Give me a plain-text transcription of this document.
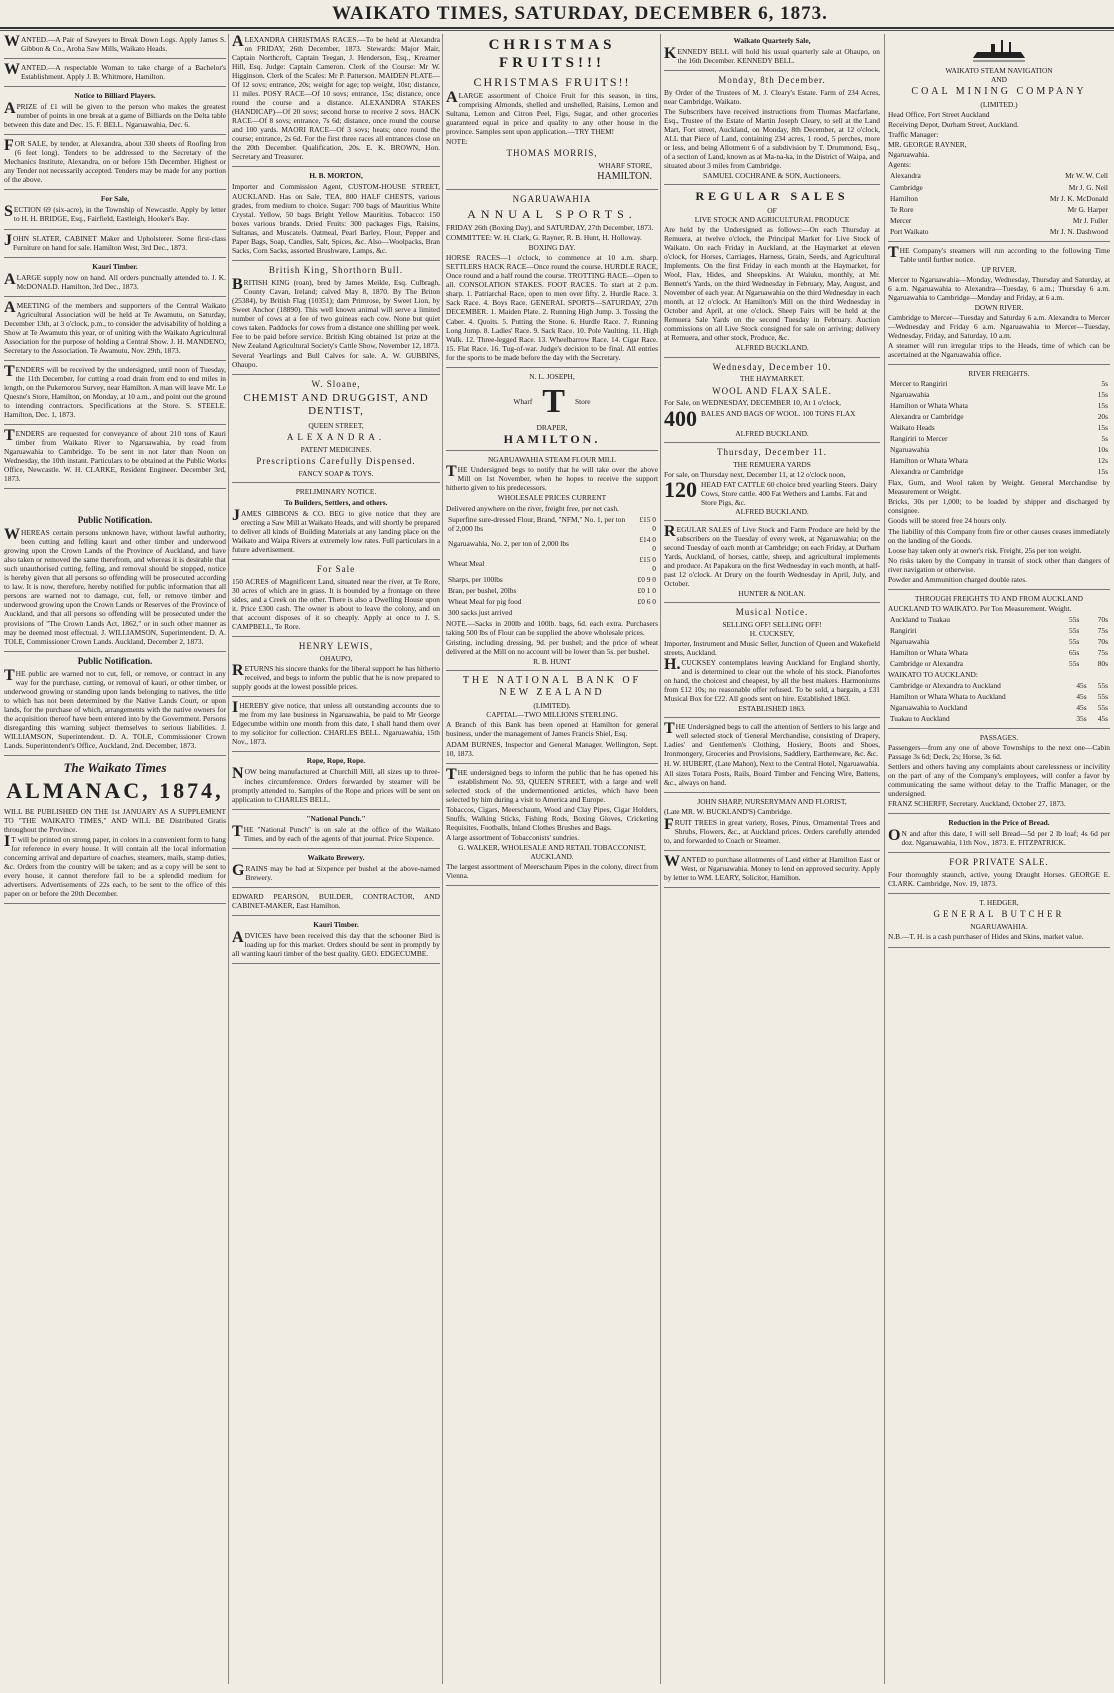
WAIKATO TIMES, SATURDAY, DECEMBER 6, 1873.

WANTED.—A Pair of Sawyers to Break Down Logs. Apply James S. Gibbon & Co., Aroha Saw Mills, Waikato Heads.

WANTED.—A respectable Woman to take charge of a Bachelor's Establishment. Apply J. B. Whitmore, Hamilton.

Notice to Billiard Players.

APRIZE of £1 will be given to the person who makes the greatest number of points in one break at a game of Billiards on the Delta table between this date and Dec. 15. F. BELL. Ngaruawahia, Dec. 6.

FOR SALE, by tender, at Alexandra, about 330 sheets of Roofing Iron (6 feet long). Tenders to be addressed to the Secretary of the Mechanics Institute, Alexandra, on or before 15th December. Highest or any Tender not necessarily accepted. Tenders may be made for any portion of the above.

For Sale,

SECTION 69 (six-acre), in the Township of Newcastle. Apply by letter to H. H. BRIDGE, Esq., Fairfield, Eastleigh, Hooker's Bay.

JOHN SLATER, CABINET Maker and Upholsterer. Some first-class Furniture on hand for sale. Hamilton West, 3rd Dec., 1873.

Kauri Timber.

ALARGE supply now on hand. All orders punctually attended to. J. K. McDONALD. Hamilton, 3rd Dec., 1873.

AMEETING of the members and supporters of the Central Waikato Agricultural Association will be held at Te Awamutu, on Saturday, December 13th, at 3 o'clock, p.m., to consider the advisability of holding a Show at Te Awamutu this year, or of uniting with the Waikato Agricultural Association for the purpose of holding a Central Show. J. H. MANDENO, Secretary to the Association. Te Awamutu, Nov. 29th, 1873.

TENDERS will be received by the undersigned, until noon of Tuesday, the 11th December, for cutting a road drain from end to end miles in length, on the Pukemorou Survey, near Hamilton. A man will leave Mr. Le Quesne's Store, Hamilton, on Monday, at 10 a.m., and point out the ground to intending contractors. Specifications at the Store. S. STEELE. Hamilton, Dec. 1, 1873.

TENDERS are requested for conveyance of about 210 tons of Kauri timber from Waikato River to Ngaruawahia, by road from Ngaruawahia to Cambridge. To be sent in not later than Noon on Wednesday, the 10th instant. Particulars to be obtained at the Public Works Office, Newcastle. W. H. CLARKE, Resident Engineer. December 3rd, 1873.

Public Notification.

WHEREAS certain persons unknown have, without lawful authority, been cutting and felling kauri and other timber and underwood growing upon the Crown Lands of the Province of Auckland, and have also taken or removed the same therefrom, and whereas it is desirable that such unauthorised cutting, felling, and removal should be stopped, notice is hereby given that all persons so offending will be prosecuted according to law. It is now, therefore, hereby notified for public information that all persons are warned not to damage, cut, fell, or remove timber and underwood growing upon the Crown Lands or Reserves of the Province of Auckland, and that all persons so offending will be prosecuted under the provisions of "The Crown Lands Act, 1862," or in such other manner as may be deemed most effectual. J. WILLIAMSON, Superintendent. D. A. TOLE, Commissioner Crown Lands. Auckland, December 2, 1873.

Public Notification.

THE public are warned not to cut, fell, or remove, or contract in any way for the purchase, cutting, or removal of kauri, or other timber, or underwood growing or standing upon lands belonging to natives, the title to which has not been determined by the Native Lands Court, or upon lands, for the purchase of which, arrangements with the native owners for the acquisition thereof have been entered into by the Government. Persons disregarding this warning subject themselves to serious liabilities. J. WILLIAMSON, Superintendent. D. A. TOLE, Commissioner Crown Lands. Superintendent's Office, Auckland, 2nd. December, 1873.

The Waikato Times
ALMANAC, 1874,

WILL BE PUBLISHED ON THE 1st JANUARY AS A SUPPLEMENT TO "THE WAIKATO TIMES," AND WILL BE Distributed Gratis throughout the Province.

IT will be printed on strong paper, in colors in a convenient form to hang for reference in every house. It will contain all the local information concerning arrival and departure of coaches, steamers, mails, stamp duties, &c. Orders from the country will be taken; and as a copy will be sent to every house, it cannot therefore fail to be a splendid medium for advertisers. Advertisements of 22s each, to be sent to the office of this paper on or before the 20th December.

ALEXANDRA CHRISTMAS RACES.—To be held at Alexandra on FRIDAY, 26th December, 1873. Stewards: Major Mair, Captain Northcroft, Captain Teegan, J. Henderson, Esq., Kreamer Hill, Esq. Judge: Captain Cameron. Clerk of the Course: Mr W. Higginson. Clerk of the Scales: Mr P. Patterson. MAIDEN PLATE—Of 12 sovs; entrance, 20s; weight for age; top weight, 10st; distance, 11 miles. POSY RACE—Of 10 sovs; entrance, 15s; distance, once round the course and a distance. ALEXANDRA STAKES (HANDICAP)—Of 20 sovs; second horse to receive 2 sovs. HACK RACE—Of 8 sovs; entrance, 7s 6d; distance, once round the course and 100 yards. MAORI RACE—Of 3 sovs; heats; once round the course; entrance, 2s 6d. For the first three races all entrances close on the 20th December. Qualification, 20s. E. K. BROWN, Hon. Secretary and Treasurer.

H. B. MORTON,

Importer and Commission Agent, CUSTOM-HOUSE STREET, AUCKLAND. Has on Sale, TEA, 800 HALF CHESTS, various grades, from medium to choice. Sugar: 700 bags of Mauritius White Crystal. Yellow, 50 bags Bright Yellow Mauritius. Tobacco: 150 boxes various brands. Dried Fruits: 300 packages Figs, Raisins, Sultanas, and Muscatels. Oatmeal, Pearl Barley, Flour, Pepper and Paper Bags, Soap, Candles, Salt, Spices, &c. Also—Woolpacks, Bran Sacks, Corn Sacks, assorted Brushware, Lamps, &c.

British King, Shorthorn Bull.

BRITISH KING (roan), bred by James Meikle, Esq. Culbragh, County Cavan, Ireland; calved May 8, 1870. By The Briton (25384), by British Flag (10351); dam Primrose, by Sweet Lion, by Sweet Anchor (18890). This well known animal will serve a limited number of cows at a fee of two guineas each cow. None but quiet cows taken. Paddocks for cows from a distance one shilling per week. Fee to be paid before service. British King obtained 1st prize at the New Zealand Agricultural Society's Cattle Show, November 12, 1873.

Several Yearlings and Bull Calves for sale. A. W. GUBBINS, Ohaupo.

W. Sloane,
CHEMIST AND DRUGGIST, AND DENTIST,
QUEEN STREET,
ALEXANDRA.
PATENT MEDICINES.
Prescriptions Carefully Dispensed.
FANCY SOAP & TOYS.
PRELIMINARY NOTICE.
To Builders, Settlers, and others.

JAMES GIBBONS & CO. BEG to give notice that they are erecting a Saw Mill at Waikato Heads, and will shortly be prepared to deliver all kinds of Building Materials at any landing place on the Waikato and Waipa Rivers at extremely low rates. Full particulars in a future advertisement.

For Sale

150 ACRES of Magnificent Land, situated near the river, at Te Rore, 30 acres of which are in grass. It is bounded by a frontage on three sides, and a Creek on the other. There is also a Dwelling House upon it. Price £300 cash. The owner is about to leave the colony, and on that account disposes of it so cheaply. Apply at once to J. S. CAMPBELL, Te Rore.

HENRY LEWIS,
OHAUPO,

RETURNS his sincere thanks for the liberal support he has hitherto received, and begs to inform the public that he is now prepared to supply goods at the lowest possible prices.

IHEREBY give notice, that unless all outstanding accounts due to me from my late business in Ngaruawahia, be paid to Mr George Edgecumbe within one month from this date, I shall hand them over to my solicitor for collection. CHARLES BELL. Ngaruawahia, 15th Nov., 1873.

Rope, Rope, Rope.

NOW being manufactured at Churchill Mill, all sizes up to three-inches circumference. Orders forwarded by steamer will be promptly attended to. Samples of the Rope and prices will be sent on application to CHARLES BELL.

"National Punch."

THE "National Punch" is on sale at the office of the Waikato Times, and by each of the agents of that journal. Price Sixpence.

Waikato Brewery.

GRAINS may be had at Sixpence per bushel at the above-named Brewery.

EDWARD PEARSON, BUILDER, CONTRACTOR, AND CABINET-MAKER, East Hamilton.

Kauri Timber.

ADVICES have been received this day that the schooner Bird is loading up for this market. Orders should be sent in promptly by all wanting kauri timber of the best quality. GEO. EDGECUMBE.

CHRISTMAS FRUITS!!!
CHRISTMAS FRUITS!!

ALARGE assortment of Choice Fruit for this season, in tins, comprising Almonds, shelled and unshelled, Raisins, Lemon and Sultana, Lemon and Citron Peel, Figs, Sugar, and other groceries guaranteed equal in price and quality to any other house in the province. Samples sent upon application.—TRY THEM!

NOTE:

THOMAS MORRIS,
WHARF STORE,
HAMILTON.
NGARUAWAHIA
ANNUAL SPORTS.

FRIDAY 26th (Boxing Day), and SATURDAY, 27th December, 1873.

COMMITTEE: W. H. Clark, G. Rayner, R. B. Hunt, H. Holloway.

BOXING DAY.

HORSE RACES—1 o'clock, to commence at 10 a.m. sharp. SETTLERS HACK RACE—Once round the course. HURDLE RACE, Once round and a half round the course. TROTTING RACE—Open to all. CONSOLATION STAKES. FOOT RACES. To start at 2 p.m. sharp. 1. Patriarchal Race, open to men over fifty. 2. Hurdle Race. 3. Sack Race. 4. Boys Race. GENERAL SPORTS—SATURDAY, 27th DECEMBER. 1. Maiden Plate. 2. Running High Jump. 3. Tossing the Caber. 4. Quoits. 5. Putting the Stone. 6. Hurdle Race. 7. Running Long Jump. 8. Ladies' Race. 9. Sack Race. 10. Pole Vaulting. 11. High Walk. 12. Three-legged Race. 13. Wheelbarrow Race. 14. Cigar Race. 15. Flat Race. 16. Tug-of-war. Judge's decision to be final. All entries for the sports to be made before the day with the Secretary.

N. L. JOSEPH,
Wharf T Store
DRAPER,
HAMILTON.
NGARUAWAHIA STEAM FLOUR MILL

THE Undersigned begs to notify that he will take over the above Mill on 1st November, when he hopes to receive the support hitherto given to his predecessors.

WHOLESALE PRICES CURRENT

Delivered anywhere on the river, freight free, per net cash.

Superfine sure-dressed Flour, Brand, "NFM," No. 1, per ton of 2,000 lbs	£15 0 0
Ngaruawahia, No. 2, per ton of 2,000 lbs	£14 0 0
Wheat Meal	£15 0 0
Sharps, per 100lbs	£0 9 0
Bran, per bushel, 20lbs	£0 1 0
Wheat Meal for pig food	£0 6 0
300 sacks just arrived	

NOTE.—Sacks in 200lb and 100lb. bags, 6d. each extra. Purchasers taking 500 lbs of Flour can be supplied the above wholesale prices.

Gristing, including dressing, 9d. per bushel; and the price of wheat delivered at the Mill on no account will be lower than 5s. per bushel.

R. B. HUNT
THE NATIONAL BANK OF NEW ZEALAND
(LIMITED).
CAPITAL—TWO MILLIONS STERLING.

A Branch of this Bank has been opened at Hamilton for general business, under the management of James Francis Shiel, Esq.

ADAM BURNES, Inspector and General Manager. Wellington, Sept. 10, 1873.

THE undersigned begs to inform the public that he has opened his establishment No. 93, QUEEN STREET, with a large and well selected stock of the undermentioned articles, which have been selected by him during a visit to America and Europe.

Tobaccos, Cigars, Meerschaum, Wood and Clay Pipes, Cigar Holders, Snuffs, Walking Sticks, Fishing Rods, Boxing Gloves, Cricketing Requisites, Footballs, Inland Clothes Brushes and Bags.

A large assortment of Tobacconists' sundries.

G. WALKER, WHOLESALE AND RETAIL TOBACCONIST, AUCKLAND.

The largest assortment of Meerschaum Pipes in the colony, direct from Vienna.

Waikato Quarterly Sale,

KENNEDY BELL will hold his usual quarterly sale at Ohaupo, on the 16th December. KENNEDY BELL.

Monday, 8th December.

By Order of the Trustees of M. J. Cleary's Estate. Farm of 234 Acres, near Cambridge, Waikato.

The Subscribers have received instructions from Thomas Macfarlane, Esq., Trustee of the Estate of Martin Joseph Cleary, to sell at the Land Mart, Fort street, Auckland, on Monday, 8th December, at 12 o'clock, ALL that Piece of Land, containing 234 acres, 1 rood, 5 perches, more or less, and being Allotment 6 of a subdivision by T. Drummond, Esq., of a section of Land, known as at Ma-na-ka, in the District of Waipa, and situated about 3 miles from Cambridge.

SAMUEL COCHRANE & SON, Auctioneers.
REGULAR SALES
OF
LIVE STOCK AND AGRICULTURAL PRODUCE

Are held by the Undersigned as follows:—On each Thursday at Remuera, at twelve o'clock, the Principal Market for Live Stock of Waikato. On each Friday in Auckland, at the Haymarket at eleven o'clock, for Horses, Carriages, Harness, Grain, Seeds, and Agricultural Implements. On the first Friday in each month at the Haymarket, for Wool, Flax, Hides, and Sheepskins. At Waiuku, monthly, at Mr. Bennett's Yards, on the third Wednesday in February, May, August, and November of each year. At Ngaruawahia on the third Wednesday in each month, at 12 o'clock. At Hamilton's Mill on the third Wednesday in October and April, at one o'clock. Sheep Fairs will be held at the Remuera Sale Yards on the second Tuesday in February. Auction commissions on all Live Stock consigned for sale on arriving; delivery at Remuera, and other stock, Produce, &c.

ALFRED BUCKLAND.
Wednesday, December 10.
THE HAYMARKET.
WOOL AND FLAX SALE.

For Sale, on WEDNESDAY, DECEMBER 10, At 1 o'clock,

400 BALES AND BAGS OF WOOL. 100 TONS FLAX
ALFRED BUCKLAND.
Thursday, December 11.
THE REMUERA YARDS

For sale, on Thursday next, December 11, at 12 o'clock noon,

120 HEAD FAT CATTLE 60 choice bred yearling Steers. Dairy Cows, Store cattle. 400 Fat Wethers and Lambs. Fat and Store Pigs, &c.
ALFRED BUCKLAND.

REGULAR SALES of Live Stock and Farm Produce are held by the subscribers on the Tuesday of every week, at Ngaruawahia; on the second Tuesday of each month at Cambridge; on each Friday, at Durham Yards, Auckland, of horses, cattle, sheep, and agricultural implements and produce. At Papakura on the first Wednesday in each month, at half-past 12 o'clock. At Drury on the fourth Wednesday in April, July, and October.

HUNTER & NOLAN.
Musical Notice.
SELLING OFF! SELLING OFF!
H. CUCKSEY,

Importer, Instrument and Music Seller, Junction of Queen and Wakefield streets, Auckland.

H.CUCKSEY contemplates leaving Auckland for England shortly, and is determined to clear out the whole of his stock. Pianofortes on hand, the choicest and cheapest, by all the best makers. Harmoniums from £12 10s; no reasonable offer refused. To be sold, a bargain, a £31 Musical Box for £22. All goods sent on hire. Established 1863.

ESTABLISHED 1863.

THE Undersigned begs to call the attention of Settlers to his large and well selected stock of General Merchandise, consisting of Drapery, Ladies' and Gentlemen's Clothing, Hosiery, Boots and Shoes, Ironmongery, Groceries and Provisions, Saddlery, Earthenware, &c. &c.

H. W. HUBERT, (Late Mahon), Next to the Central Hotel, Ngaruawahia.

All sizes Totara Posts, Rails, Board Timber and Fencing Wire, Battens, &c., always on hand.

JOHN SHARP, NURSERYMAN AND FLORIST,

(Late MR. W. BUCKLAND'S) Cambridge.

FRUIT TREES in great variety, Roses, Pinus, Ornamental Trees and Shrubs, Flowers, &c., at Auckland prices. Orders carefully attended to, and forwarded to Coach or Steamer.

WANTED to purchase allotments of Land either at Hamilton East or West, or Ngaruawahia. Money to lend on approved security. Apply by letter to WM. LEARY, Solicitor, Hamilton.

WAIKATO STEAM NAVIGATION
AND
COAL MINING COMPANY
(LIMITED.)

Head Office, Fort Street Auckland

Receiving Depot, Durham Street, Auckland.

Traffic Manager:

MR. GEORGE RAYNER,

Ngaruawahia.

Agents:

Alexandra	Mr W. W. Cell
Cambridge	Mr J. G. Neil
Hamilton	Mr J. K. McDonald
Te Rore	Mr G. Harper
Mercer	Mr J. Fuller
Port Waikato	Mr J. N. Dashwood

THE Company's steamers will run according to the following Time Table until further notice.

UP RIVER.

Mercer to Ngaruawahia—Monday, Wednesday, Thursday and Saturday, at 6 a.m. Ngaruawahia to Alexandra—Tuesday, 6 a.m.; Thursday 6 a.m. Ngaruawahia to Cambridge—Monday and Friday, at 6 a.m.

DOWN RIVER.

Cambridge to Mercer—Tuesday and Saturday 6 a.m. Alexandra to Mercer—Wednesday and Friday 6 a.m. Ngaruawahia to Mercer—Tuesday, Wednesday, Friday, and Saturday, 10 a.m.

A steamer will run irregular trips to the Heads, time of which can be ascertained at the Ngaruawahia office.

RIVER FREIGHTS.
Mercer to Rangiriri	5s
Ngaruawahia	15s
Hamilton or Whata Whata	15s
Alexandra or Cambridge	20s
Waikato Heads	15s
Rangiriri to Mercer	5s
Ngaruawahia	10s
Hamilton or Whata Whata	12s
Alexandra or Cambridge	15s

Flax, Gum, and Wool taken by Weight. General Merchandise by Measurement or Weight.

Bricks, 30s per 1,000; to be loaded by shipper and discharged by consignee.

Goods will be stored free 24 hours only.

The liability of this Company from fire or other causes ceases immediately on the landing of the Goods.

Loose hay taken only at owner's risk. Freight, 25s per ton weight.

No risks taken by the Company in transit of stock other than dangers of river navigation or otherwise.

Powder and Ammunition charged double rates.

THROUGH FREIGHTS TO AND FROM AUCKLAND

AUCKLAND TO WAIKATO. Per Ton Measurement. Weight.

Auckland to Tuakau	55s	70s
Rangiriri	55s	75s
Ngaruawahia	55s	70s
Hamilton or Whata Whata	65s	75s
Cambridge or Alexandra	55s	80s

WAIKATO TO AUCKLAND:

Cambridge or Alexandra to Auckland	45s	55s
Hamilton or Whata Whata to Auckland	45s	55s
Ngaruawahia to Auckland	45s	55s
Tuakau to Auckland	35s	45s
PASSAGES.

Passengers—from any one of above Townships to the next one—Cabin Passage 3s 6d; Deck, 2s; Horse, 3s 6d.

Settlers and others having any complaints about carelessness or incivility on the part of any of the Company's employees, will confer a favor by communicating the same without delay to the Traffic Manager, or the undersigned.

FRANZ SCHERFF, Secretary. Auckland, October 27, 1873.

Reduction in the Price of Bread.

ON and after this date, I will sell Bread—5d per 2 lb loaf; 4s 6d per doz. Ngaruawahia, 11th Nov., 1873. E. FITZPATRICK.

FOR PRIVATE SALE.

Four thoroughly staunch, active, young Draught Horses. GEORGE E. CLARK. Cambridge, Nov. 19, 1873.

T. HEDGER,
GENERAL BUTCHER
NGARUAWAHIA.

N.B.—T. H. is a cash purchaser of Hides and Skins, market value.
